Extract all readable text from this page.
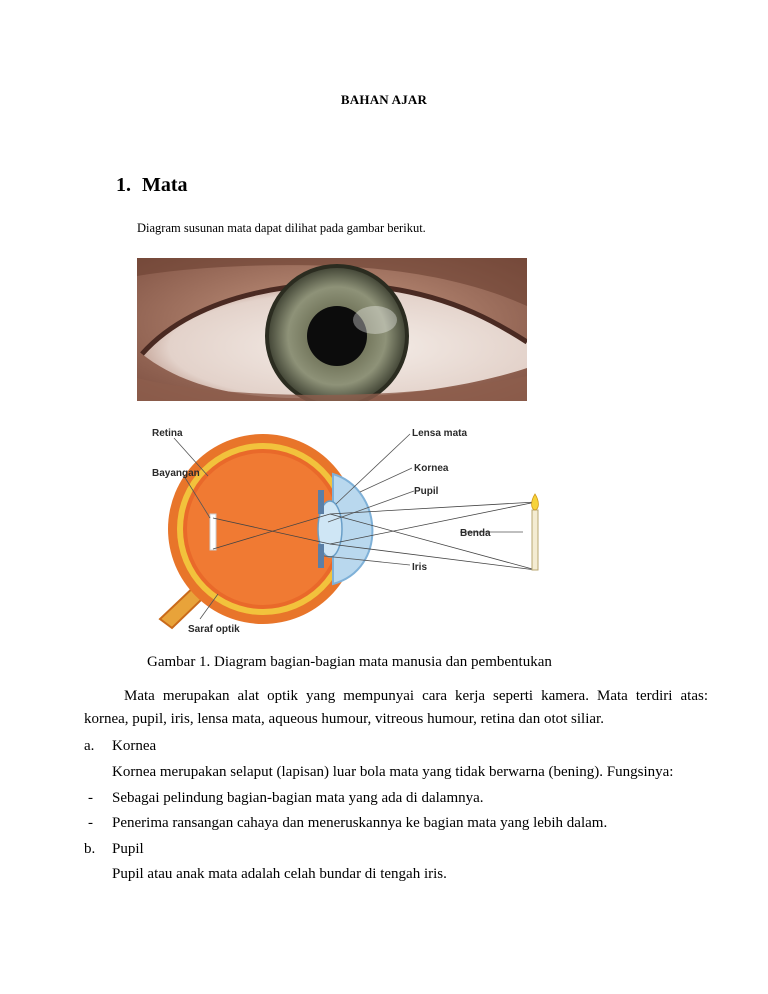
BAHAN AJAR
1. Mata
Diagram susunan mata dapat dilihat pada gambar berikut.
Retina
Bayangan
Saraf optik
Lensa mata
Kornea
Pupil
Benda
Iris
Gambar 1. Diagram bagian-bagian mata manusia dan pembentukan
Mata merupakan alat optik yang mempunyai cara kerja seperti kamera. Mata terdiri atas:
kornea, pupil, iris, lensa mata, aqueous humour, vitreous humour, retina dan otot siliar.
a. Kornea
Kornea merupakan selaput (lapisan) luar bola mata yang tidak berwarna (bening). Fungsinya:
- Sebagai pelindung bagian-bagian mata yang ada di dalamnya.
- Penerima ransangan cahaya dan meneruskannya ke bagian mata yang lebih dalam.
b. Pupil
Pupil atau anak mata adalah celah bundar di tengah iris.
